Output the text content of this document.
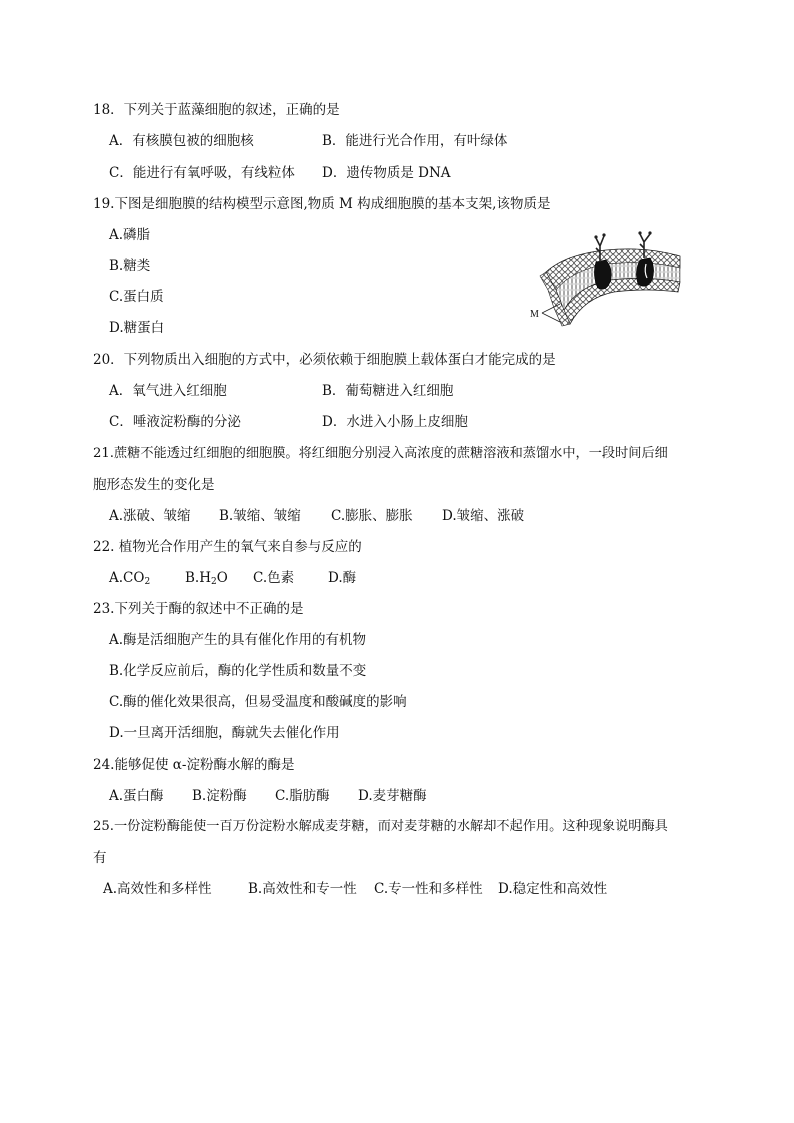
18．下列关于蓝藻细胞的叙述，正确的是
A．有核膜包被的细胞核	B．能进行光合作用，有叶绿体
C．能进行有氧呼吸，有线粒体 D．遗传物质是 DNA
19.下图是细胞膜的结构模型示意图,物质 M 构成细胞膜的基本支架,该物质是
A.磷脂
B.糖类
C.蛋白质
D.糖蛋白
M
20．下列物质出入细胞的方式中，必须依赖于细胞膜上载体蛋白才能完成的是
A．氧气进入红细胞	B．葡萄糖进入红细胞
C．唾液淀粉酶的分泌	D．水进入小肠上皮细胞
21.蔗糖不能透过红细胞的细胞膜。将红细胞分别浸入高浓度的蔗糖溶液和蒸馏水中，一段时间后细
胞形态发生的变化是
A.涨破、皱缩 B.皱缩、皱缩 C.膨胀、膨胀 D.皱缩、涨破
22. 植物光合作用产生的氧气来自参与反应的
$A.CO_2$	$B.H_2O$ C.色素	D.酶
23.下列关于酶的叙述中不正确的是
A.酶是活细胞产生的具有催化作用的有机物
B.化学反应前后，酶的化学性质和数量不变
C.酶的催化效果很高，但易受温度和酸碱度的影响
D.一旦离开活细胞，酶就失去催化作用
24.能够促使 α-淀粉酶水解的酶是
A.蛋白酶 B.淀粉酶 C.脂肪酶 D.麦芽糖酶
25.一份淀粉酶能使一百万份淀粉水解成麦芽糖，而对麦芽糖的水解却不起作用。这种现象说明酶具
有
A.高效性和多样性	B.高效性和专一性 C.专一性和多样性 D.稳定性和高效性
